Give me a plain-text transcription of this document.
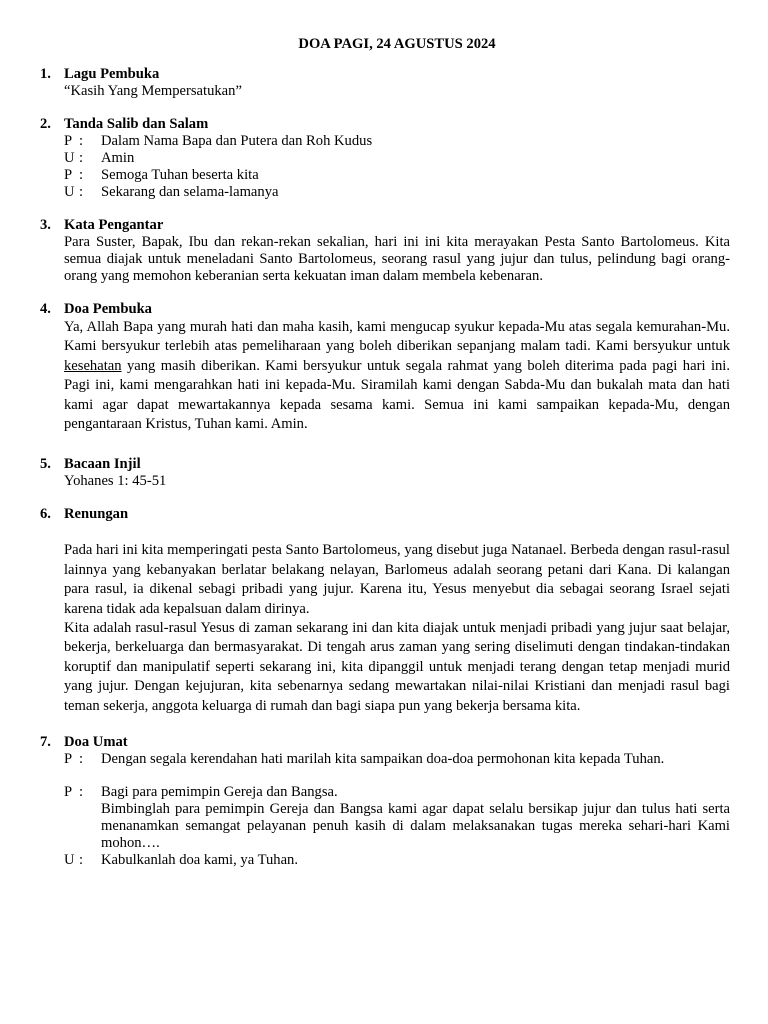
DOA PAGI, 24 AGUSTUS 2024
1. Lagu Pembuka
“Kasih Yang Mempersatukan”
2. Tanda Salib dan Salam
P :	Dalam Nama Bapa dan Putera dan Roh Kudus
U :	Amin
P :	Semoga Tuhan beserta kita
U :	Sekarang dan selama-lamanya
3. Kata Pengantar
Para Suster, Bapak, Ibu dan rekan-rekan sekalian, hari ini ini kita merayakan Pesta Santo Bartolomeus. Kita semua diajak untuk meneladani Santo Bartolomeus, seorang rasul yang jujur dan tulus, pelindung bagi orang-orang yang memohon keberanian serta kekuatan iman dalam membela kebenaran.
4. Doa Pembuka
Ya, Allah Bapa yang murah hati dan maha kasih, kami mengucap syukur kepada-Mu atas segala kemurahan-Mu. Kami bersyukur terlebih atas pemeliharaan yang boleh diberikan sepanjang malam tadi. Kami bersyukur untuk kesehatan yang masih diberikan. Kami bersyukur untuk segala rahmat yang boleh diterima pada pagi hari ini. Pagi ini, kami mengarahkan hati ini kepada-Mu. Siramilah kami dengan Sabda-Mu dan bukalah mata dan hati kami agar dapat mewartakannya kepada sesama kami. Semua ini kami sampaikan kepada-Mu, dengan pengantaraan Kristus, Tuhan kami. Amin.
5. Bacaan Injil
Yohanes 1: 45-51
6. Renungan
Pada hari ini kita memperingati pesta Santo Bartolomeus, yang disebut juga Natanael. Berbeda dengan rasul-rasul lainnya yang kebanyakan berlatar belakang nelayan, Barlomeus adalah seorang petani dari Kana. Di kalangan para rasul, ia dikenal sebagi pribadi yang jujur. Karena itu, Yesus menyebut dia sebagai seorang Israel sejati karena tidak ada kepalsuan dalam dirinya.
Kita adalah rasul-rasul Yesus di zaman sekarang ini dan kita diajak untuk menjadi pribadi yang jujur saat belajar, bekerja, berkeluarga dan bermasyarakat. Di tengah arus zaman yang sering diselimuti dengan tindakan-tindakan koruptif dan manipulatif seperti sekarang ini, kita dipanggil untuk menjadi terang dengan tetap menjadi murid yang jujur. Dengan kejujuran, kita sebenarnya sedang mewartakan nilai-nilai Kristiani dan menjadi rasul bagi teman sekerja, anggota keluarga di rumah dan bagi siapa pun yang bekerja bersama kita.
7. Doa Umat
P :	Dengan segala kerendahan hati marilah kita sampaikan doa-doa permohonan kita kepada Tuhan.
P :	Bagi para pemimpin Gereja dan Bangsa.
Bimbinglah para pemimpin Gereja dan Bangsa kami agar dapat selalu bersikap jujur dan tulus hati serta menanamkan semangat pelayanan penuh kasih di dalam melaksanakan tugas mereka sehari-hari Kami mohon….
U :	Kabulkanlah doa kami, ya Tuhan.
